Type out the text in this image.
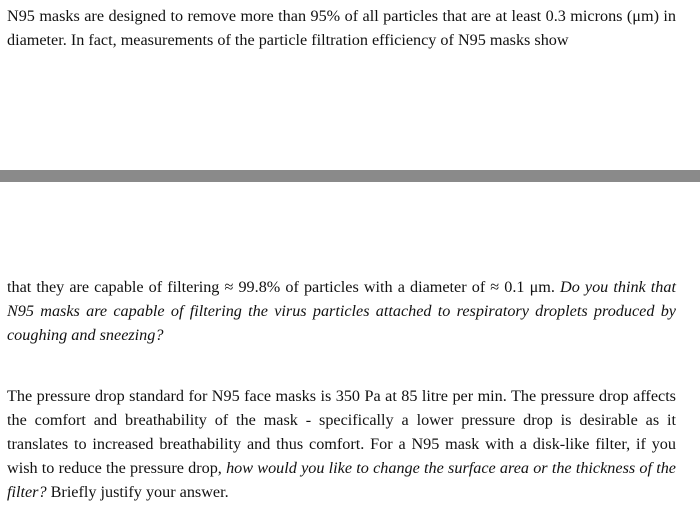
N95 masks are designed to remove more than 95% of all particles that are at least 0.3 microns (μm) in diameter. In fact, measurements of the particle filtration efficiency of N95 masks show

that they are capable of filtering ≈ 99.8% of particles with a diameter of ≈ 0.1 μm. Do you think that N95 masks are capable of filtering the virus particles attached to respiratory droplets produced by coughing and sneezing?

The pressure drop standard for N95 face masks is 350 Pa at 85 litre per min. The pressure drop affects the comfort and breathability of the mask - specifically a lower pressure drop is desirable as it translates to increased breathability and thus comfort. For a N95 mask with a disk-like filter, if you wish to reduce the pressure drop, how would you like to change the surface area or the thickness of the filter? Briefly justify your answer.
